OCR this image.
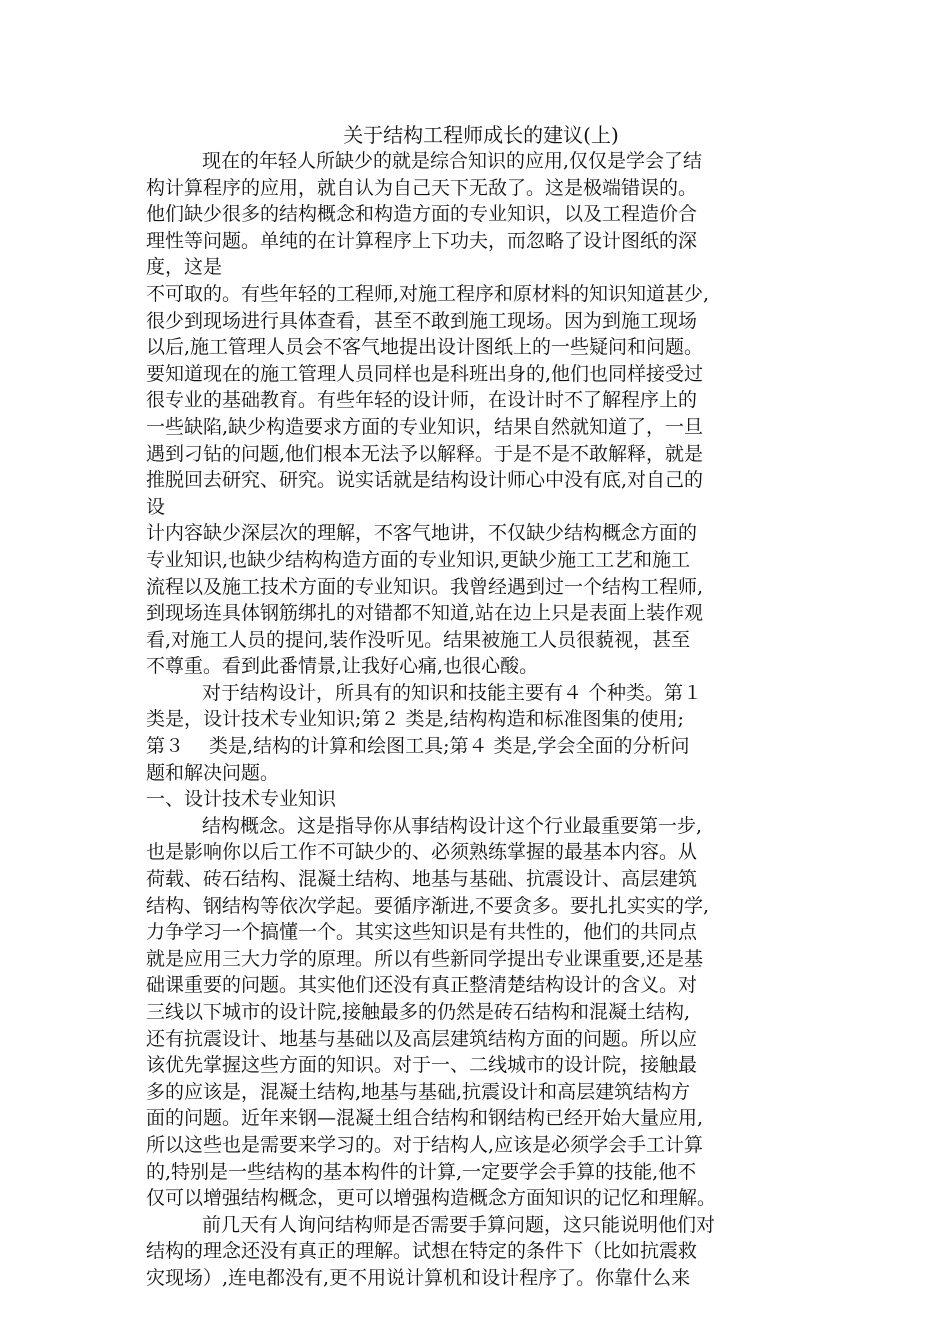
关于结构工程师成长的建议(上)

现在的年轻人所缺少的就是综合知识的应用,仅仅是学会了结

构计算程序的应用，就自认为自己天下无敌了。这是极端错误的。

他们缺少很多的结构概念和构造方面的专业知识，以及工程造价合

理性等问题。单纯的在计算程序上下功夫，而忽略了设计图纸的深

度，这是

不可取的。有些年轻的工程师,对施工程序和原材料的知识知道甚少,

很少到现场进行具体查看，甚至不敢到施工现场。因为到施工现场

以后,施工管理人员会不客气地提出设计图纸上的一些疑问和问题。

要知道现在的施工管理人员同样也是科班出身的,他们也同样接受过

很专业的基础教育。有些年轻的设计师，在设计时不了解程序上的

一些缺陷,缺少构造要求方面的专业知识，结果自然就知道了，一旦

遇到刁钻的问题,他们根本无法予以解释。于是不是不敢解释，就是

推脱回去研究、研究。说实话就是结构设计师心中没有底,对自己的

设

计内容缺少深层次的理解，不客气地讲，不仅缺少结构概念方面的

专业知识,也缺少结构构造方面的专业知识,更缺少施工工艺和施工

流程以及施工技术方面的专业知识。我曾经遇到过一个结构工程师,

到现场连具体钢筋绑扎的对错都不知道,站在边上只是表面上装作观

看,对施工人员的提问,装作没听见。结果被施工人员很藐视，甚至

不尊重。看到此番情景,让我好心痛,也很心酸。

对于结构设计，所具有的知识和技能主要有４ 个种类。第１

类是，设计技术专业知识;第２ 类是,结构构造和标准图集的使用;

第３　 类是,结构的计算和绘图工具;第４ 类是,学会全面的分析问

题和解决问题。

一、设计技术专业知识

结构概念。这是指导你从事结构设计这个行业最重要第一步,

也是影响你以后工作不可缺少的、必须熟练掌握的最基本内容。从

荷载、砖石结构、混凝土结构、地基与基础、抗震设计、高层建筑

结构、钢结构等依次学起。要循序渐进,不要贪多。要扎扎实实的学,

力争学习一个搞懂一个。其实这些知识是有共性的，他们的共同点

就是应用三大力学的原理。所以有些新同学提出专业课重要,还是基

础课重要的问题。其实他们还没有真正整清楚结构设计的含义。对

三线以下城市的设计院,接触最多的仍然是砖石结构和混凝土结构,

还有抗震设计、地基与基础以及高层建筑结构方面的问题。所以应

该优先掌握这些方面的知识。对于一、二线城市的设计院，接触最

多的应该是，混凝土结构,地基与基础,抗震设计和高层建筑结构方

面的问题。近年来钢—混凝土组合结构和钢结构已经开始大量应用,

所以这些也是需要来学习的。对于结构人,应该是必须学会手工计算

的,特别是一些结构的基本构件的计算,一定要学会手算的技能,他不

仅可以增强结构概念，更可以增强构造概念方面知识的记忆和理解。

前几天有人询问结构师是否需要手算问题，这只能说明他们对

结构的理念还没有真正的理解。试想在特定的条件下（比如抗震救

灾现场）,连电都没有,更不用说计算机和设计程序了。你靠什么来
